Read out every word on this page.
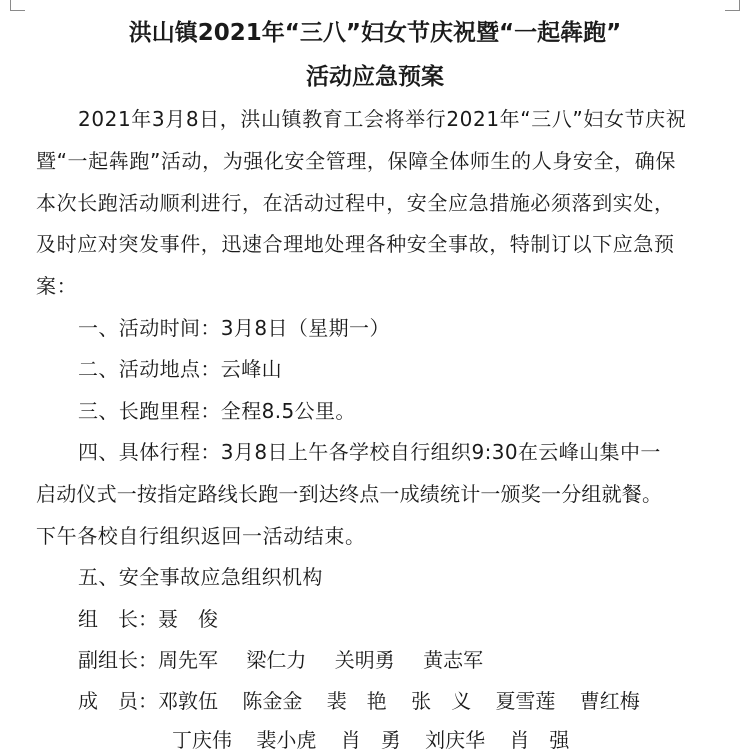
洪山镇2021年“三八”妇女节庆祝暨“一起犇跑”
活动应急预案
2021年3月8日，洪山镇教育工会将举行2021年“三八”妇女节庆祝
暨“一起犇跑”活动，为强化安全管理，保障全体师生的人身安全，确保
本次长跑活动顺利进行，在活动过程中，安全应急措施必须落到实处，
及时应对突发事件，迅速合理地处理各种安全事故，特制订以下应急预
案：
一、活动时间：3月8日（星期一）
二、活动地点：云峰山
三、长跑里程：全程8.5公里。
四、具体行程：3月8日上午各学校自行组织9:30在云峰山集中一
启动仪式一按指定路线长跑一到达终点一成绩统计一颁奖一分组就餐。
下午各校自行组织返回一活动结束。
五、安全事故应急组织机构
组　长： 聂　俊
副组长： 周先军 梁仁力 关明勇 黄志军
成　员： 邓敦伍 陈金金 裴　艳 张　义 夏雪莲 曹红梅
丁庆伟 裴小虎 肖　勇 刘庆华 肖　强
